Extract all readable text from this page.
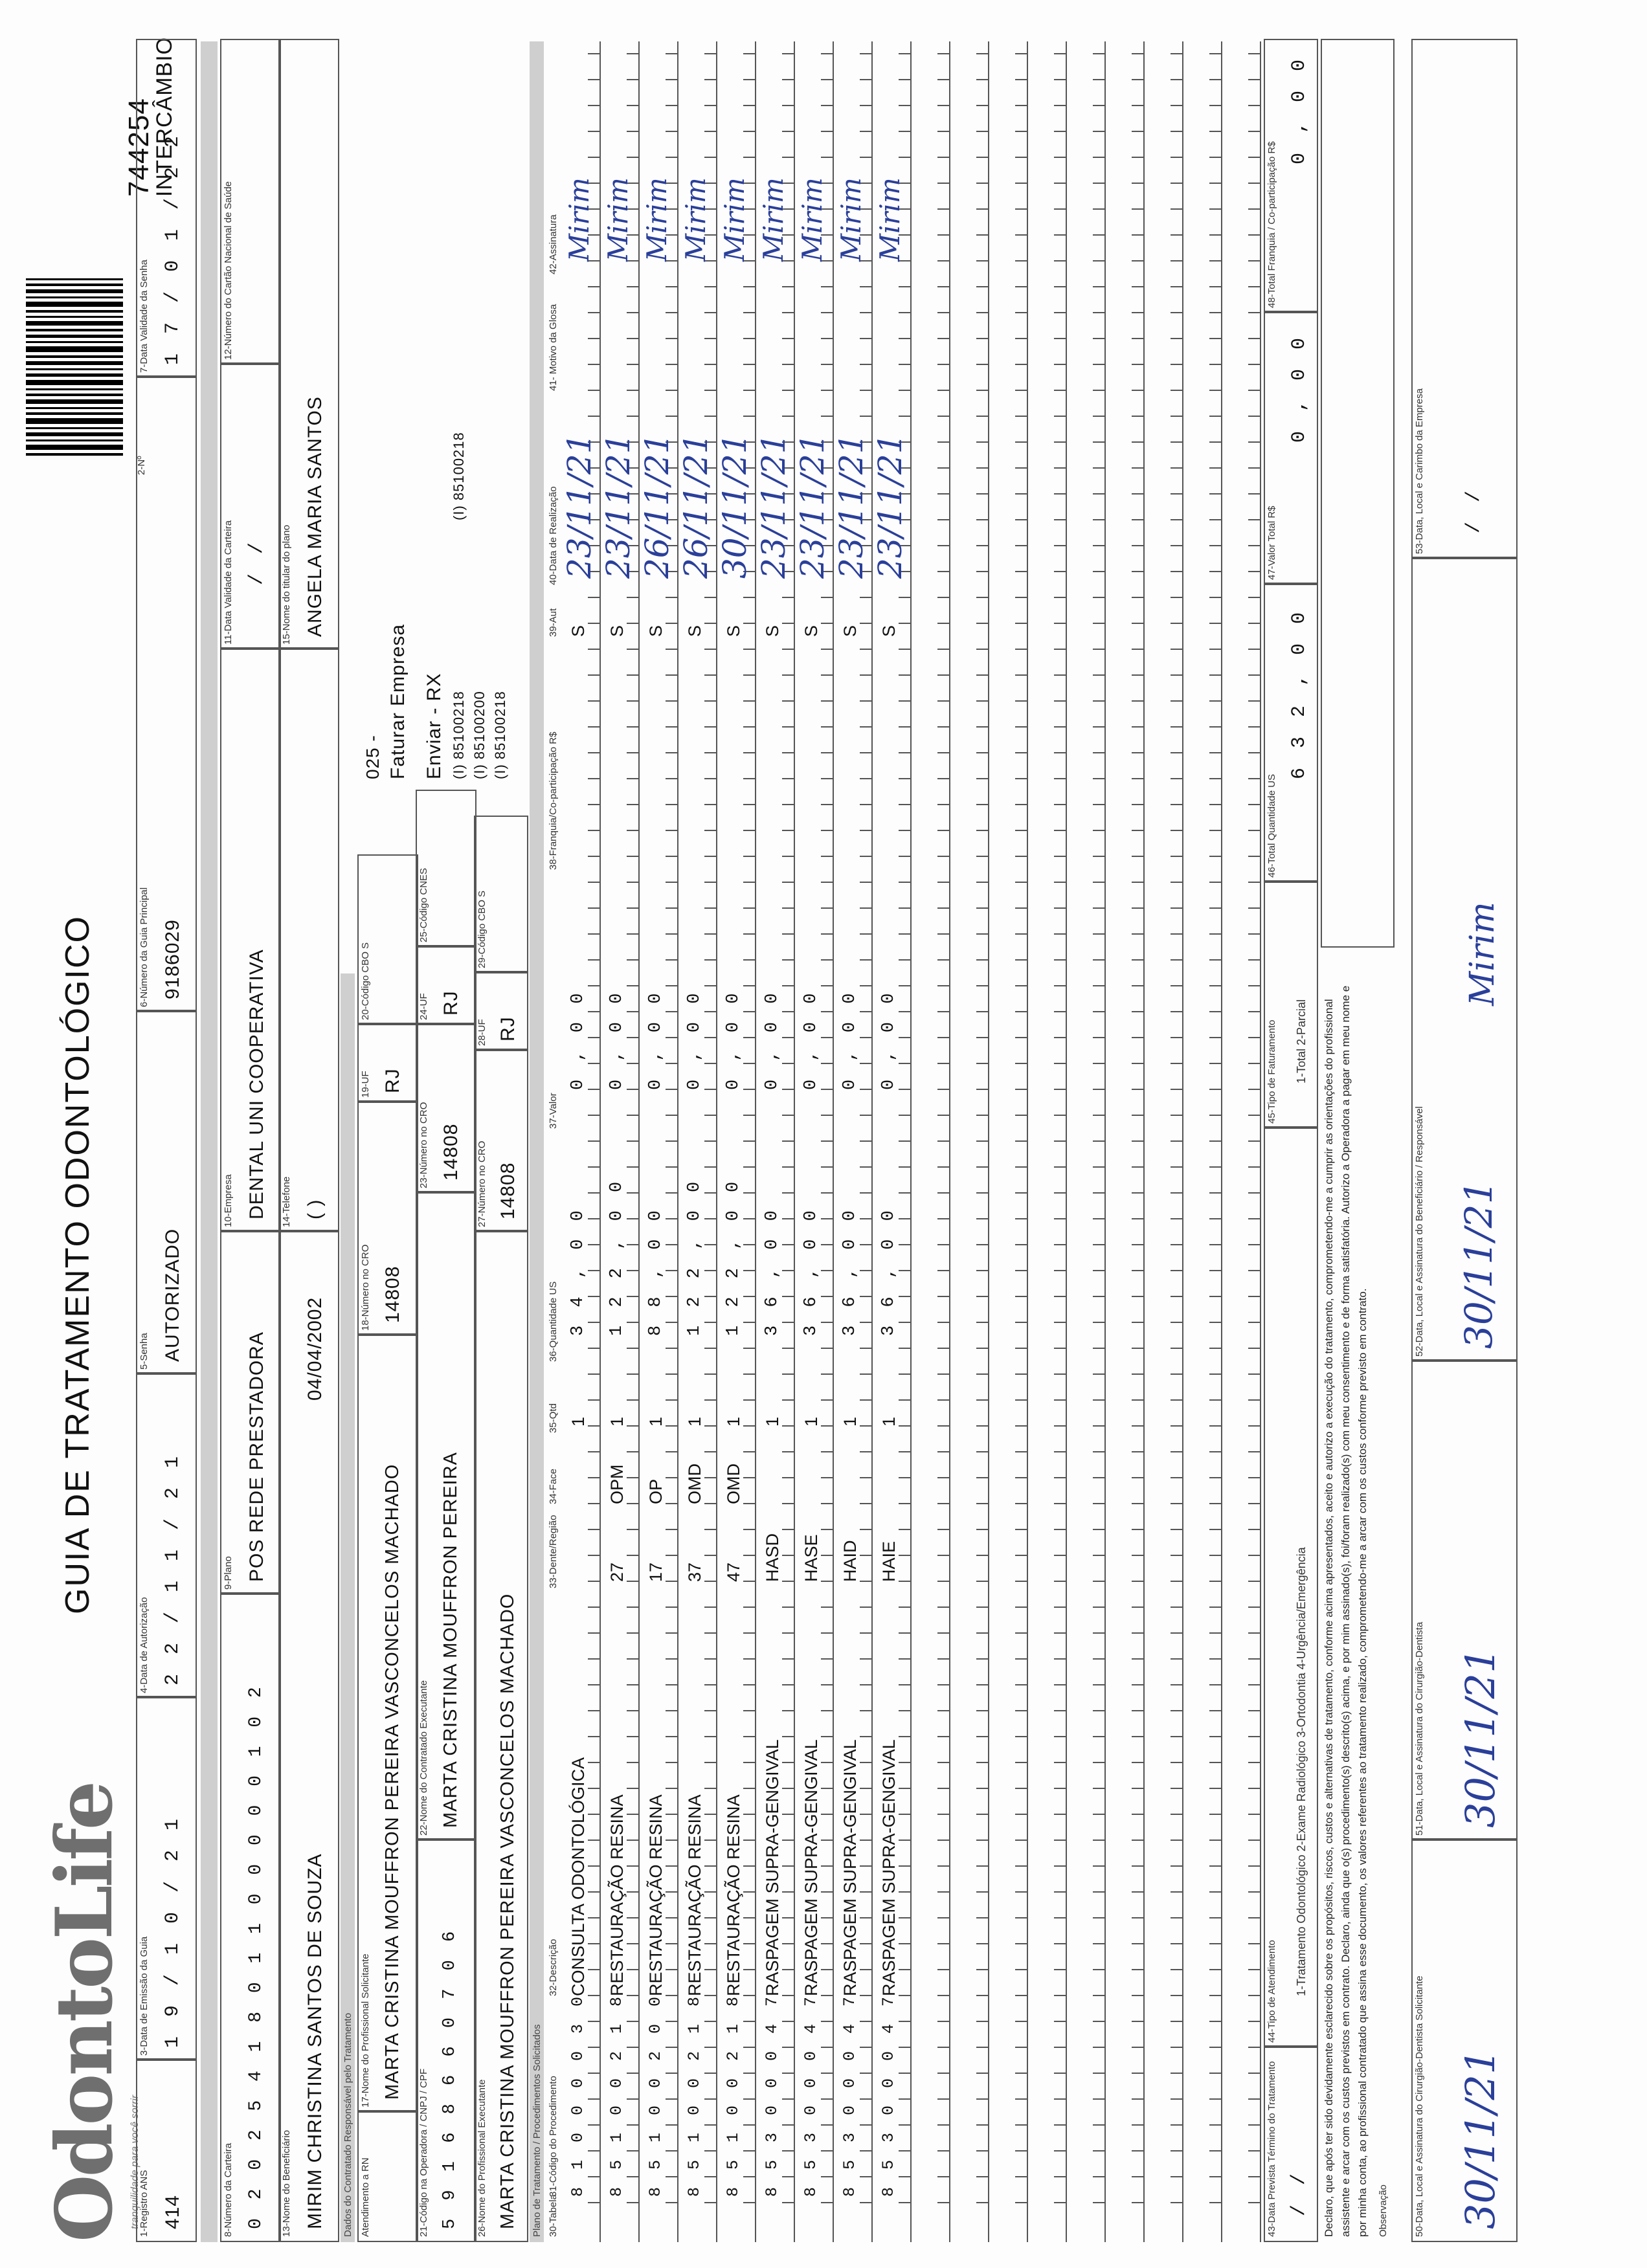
OdontoLife tranquilidade para você sorrir
GUIA DE TRATAMENTO ODONTOLÓGICO
2-Nº
744254
INTERCÂMBIO
1-Registro ANS 414
3-Data de Emissão da Guia 1 9 / 1 0 / 2 1
4-Data de Autorização 2 2 / 1 1 / 2 1
5-Senha AUTORIZADO
6-Número da Guia Principal 9186029
7-Data Validade da Senha 1 7 / 0 1 / 2 2
8-Número da Carteira 0 2 0 2 5 4 1 8 0 1 1 0 0 0 0 0 1 0 2
9-Plano POS REDE PRESTADORA
10-Empresa DENTAL UNI COOPERATIVA
11-Data Validade da Carteira / /
12-Número do Cartão Nacional de Saúde
13-Nome do Beneficiário MIRIM CHRISTINA SANTOS DE SOUZA
04/04/2002
14-Telefone ( )
15-Nome do titular do plano ANGELA MARIA SANTOS
Dados do Contratado Responsável pelo Tratamento Atendimento a RN
17-Nome do Profissional Solicitante MARTA CRISTINA MOUFFRON PEREIRA VASCONCELOS MACHADO
18-Número no CRO 14808
19-UF RJ
20-Código CBO S
21-Código na Operadora / CNPJ / CPF 5 9 1 6 8 6 6 0 7 0 6
22-Nome do Contratado Executante MARTA CRISTINA MOUFFRON PEREIRA
23-Número no CRO 14808
24-UF RJ
25-Código CNES
26-Nome do Profissional Executante MARTA CRISTINA MOUFFRON PEREIRA VASCONCELOS MACHADO
27-Número no CRO 14808
28-UF RJ
29-Código CBO S
025 - Faturar Empresa Enviar - RX (I) 85100218
(I) 85100218
(I) 85100200 (I) 85100218
Plano de Tratamento / Procedimentos Solicitados 30-Tabela
31-Código do Procedimento
32-Descrição
33-Dente/Região
34-Face
35-Qtd
36-Quantidade US
37-Valor
38-Franquia/Co-participação R$
39-Aut
40-Data de Realização
41- Motivo da Glosa
42-Assinatura
8 1 0 0 0 0 3 0
CONSULTA ODONTOLÓGICA
1
3 4 , 0 0
0 , 0 0
S
23/11/21
Mirim
8 5 1 0 0 2 1 8
RESTAURAÇÃO RESINA
27
OPM
1
1 2 2 , 0 0
0 , 0 0
S
23/11/21
Mirim
8 5 1 0 0 2 0 0
RESTAURAÇÃO RESINA
17
OP
1
8 8 , 0 0
0 , 0 0
S
26/11/21
Mirim
8 5 1 0 0 2 1 8
RESTAURAÇÃO RESINA
37
OMD
1
1 2 2 , 0 0
0 , 0 0
S
26/11/21
Mirim
8 5 1 0 0 2 1 8
RESTAURAÇÃO RESINA
47
OMD
1
1 2 2 , 0 0
0 , 0 0
S
30/11/21
Mirim
8 5 3 0 0 0 4 7
RASPAGEM SUPRA-GENGIVAL
HASD
1
3 6 , 0 0
0 , 0 0
S
23/11/21
Mirim
8 5 3 0 0 0 4 7
RASPAGEM SUPRA-GENGIVAL
HASE
1
3 6 , 0 0
0 , 0 0
S
23/11/21
Mirim
8 5 3 0 0 0 4 7
RASPAGEM SUPRA-GENGIVAL
HAID
1
3 6 , 0 0
0 , 0 0
S
23/11/21
Mirim
8 5 3 0 0 0 4 7
RASPAGEM SUPRA-GENGIVAL
HAIE
1
3 6 , 0 0
0 , 0 0
S
23/11/21
Mirim
43-Data Prevista Término do Tratamento / /
44-Tipo de Atendimento 1-Tratamento Odontológico 2-Exame Radiológico 3-Ortodontia 4-Urgência/Emergência
45-Tipo de Faturamento 1-Total 2-Parcial
46-Total Quantidade US
6 3 2 , 0 0
47-Valor Total R$
0 , 0 0
48-Total Franquia / Co-participação R$
0 , 0 0
Declaro, que após ter sido devidamente esclarecido sobre os propósitos, riscos, custos e alternativas de tratamento, conforme acima apresentados, aceito e autorizo a execução do tratamento, comprometendo-me a cumprir as orientações do profissional assistente e arcar com os custos previstos em contrato. Declaro, ainda que o(s) procedimento(s) descrito(s) acima, e por mim assinado(s), foi/foram realizado(s) com meu consentimento e de forma satisfatória. Autorizo a Operadora a pagar em meu nome e por minha conta, ao profissional contratado que assina esse documento, os valores referentes ao tratamento realizado, comprometendo-me a arcar com os custos conforme previsto em contrato. Observação	50-Data, Local e Assinatura do Cirurgião-Dentista Solicitante 30/11/21
51-Data, Local e Assinatura do Cirurgião-Dentista 30/11/21
52-Data, Local e Assinatura do Beneficiário / Responsável 30/11/21
Mirim
53-Data, Local e Carimbo da Empresa / /
